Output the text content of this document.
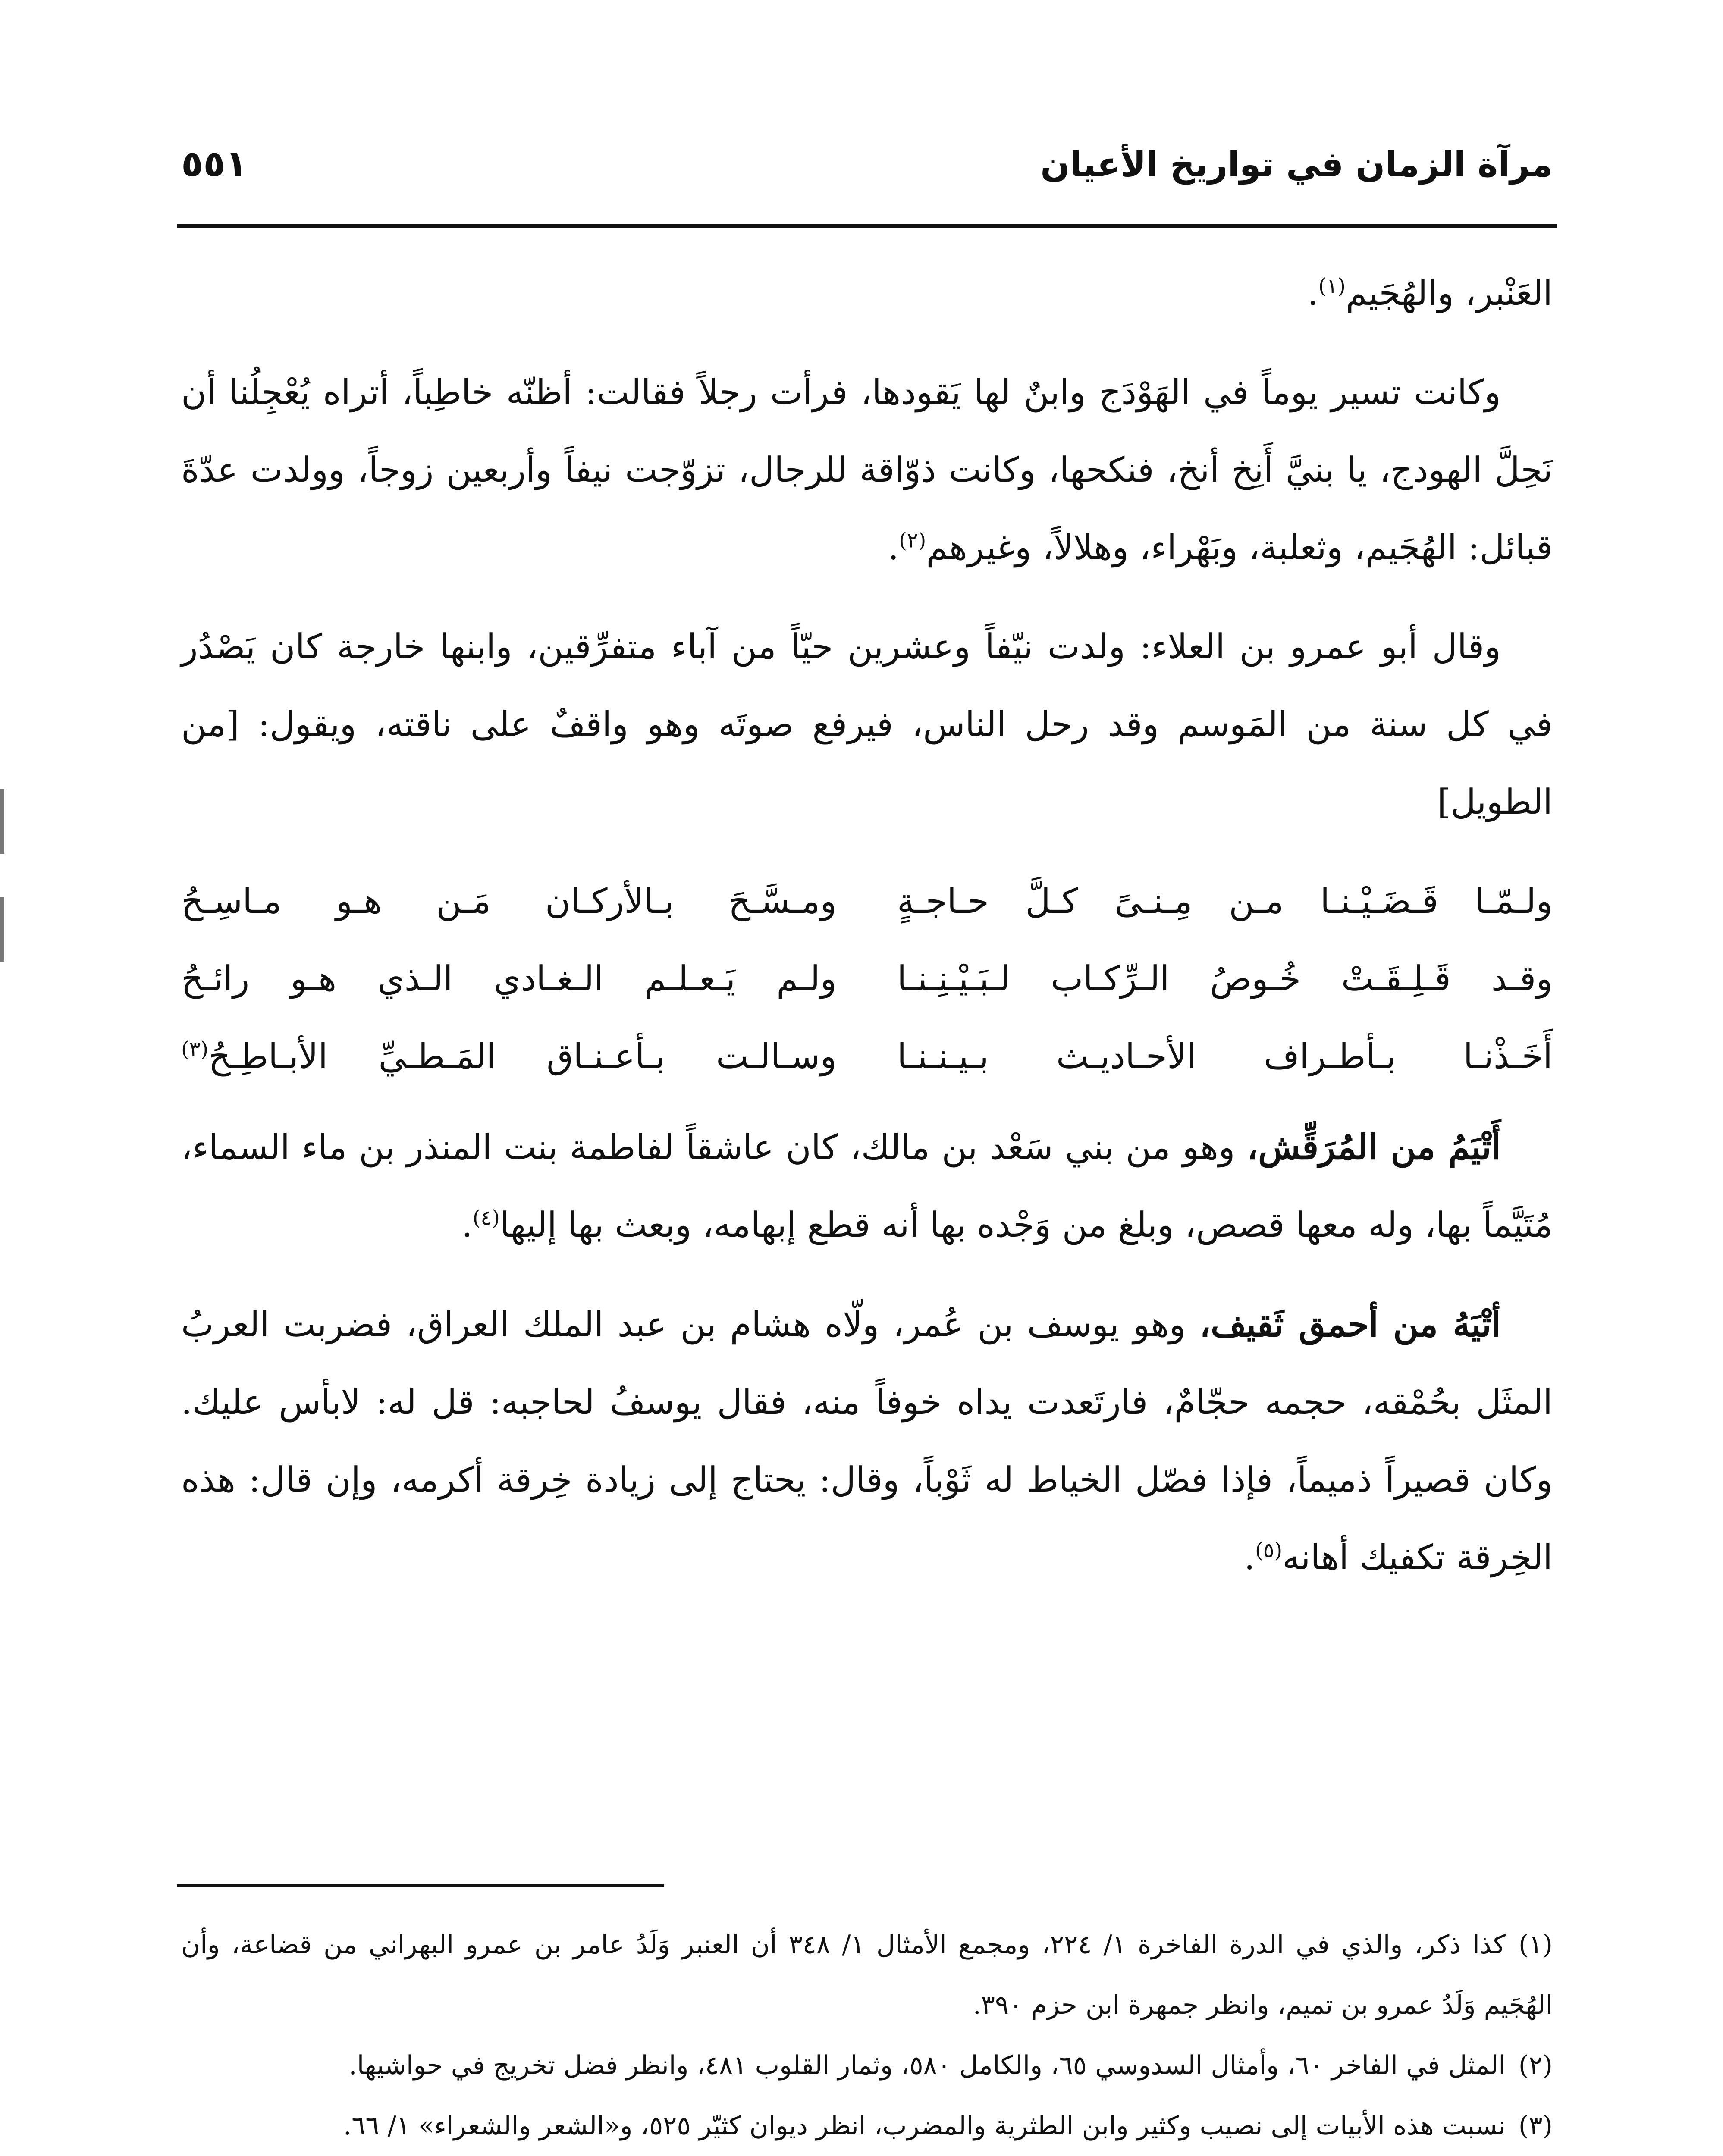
٥٥١	مرآة الزمان في تواريخ الأعيان

العَنْبر، والهُجَيم$^{(١)}$.

وكانت تسير يوماً في الهَوْدَج وابنٌ لها يَقودها، فرأت رجلاً فقالت: أظنّه خاطِباً، أتراه يُعْجِلُنا أن نَحِلَّ الهودج، يا بنيَّ أَنِخ أنخ، فنكحها، وكانت ذوّاقة للرجال، تزوّجت نيفاً وأربعين زوجاً، وولدت عدّةَ قبائل: الهُجَيم، وثعلبة، وبَهْراء، وهلالاً، وغيرهم$^{(٢)}$.

وقال أبو عمرو بن العلاء: ولدت نيّفاً وعشرين حيّاً من آباء متفرِّقين، وابنها خارجة كان يَصْدُر في كل سنة من المَوسم وقد رحل الناس، فيرفع صوتَه وهو واقفٌ على ناقته، ويقول: [من الطويل]

ولـمّـا قَـضَـيْـنـا مـن مِـنـىً كـلَّ حـاجـةٍ
ومـسَّـحَ بـالأركـان مَـن هـو مـاسِـحُ
وقـد قَـلِـقَـتْ خُـوصُ الـرِّكـاب لـبَـيْـنِـنـا
ولـم يَـعـلـم الـغـادي الـذي هـو رائـحُ
أَخَـذْنـا بـأطـراف الأحـاديـث بـيـنـنـا
وسـالـت بـأعـنـاق المَـطـيِّ الأبـاطِـحُ$^{(٣)}$

أَتْيَمُ من المُرَقِّش، وهو من بني سَعْد بن مالك، كان عاشقاً لفاطمة بنت المنذر بن ماء السماء، مُتَيَّماً بها، وله معها قصص، وبلغ من وَجْده بها أنه قطع إبهامه، وبعث بها إليها$^{(٤)}$.

أتْيَهُ من أحمق ثَقيف، وهو يوسف بن عُمر، ولّاه هشام بن عبد الملك العراق، فضربت العربُ المثَل بحُمْقه، حجمه حجّامٌ، فارتَعدت يداه خوفاً منه، فقال يوسفُ لحاجبه: قل له: لابأس عليك. وكان قصيراً ذميماً، فإذا فصّل الخياط له ثَوْباً، وقال: يحتاج إلى زيادة خِرقة أكرمه، وإن قال: هذه الخِرقة تكفيك أهانه$^{(٥)}$.

(١)كذا ذكر، والذي في الدرة الفاخرة ١/ ٢٢٤، ومجمع الأمثال ١/ ٣٤٨ أن العنبر وَلَدُ عامر بن عمرو البهراني من قضاعة، وأن الهُجَيم وَلَدُ عمرو بن تميم، وانظر جمهرة ابن حزم ٣٩٠.

(٢)المثل في الفاخر ٦٠، وأمثال السدوسي ٦٥، والكامل ٥٨٠، وثمار القلوب ٤٨١، وانظر فضل تخريج في حواشيها.

(٣)نسبت هذه الأبيات إلى نصيب وكثير وابن الطثرية والمضرب، انظر ديوان كثيّر ٥٢٥، و«الشعر والشعراء» ١/ ٦٦.
